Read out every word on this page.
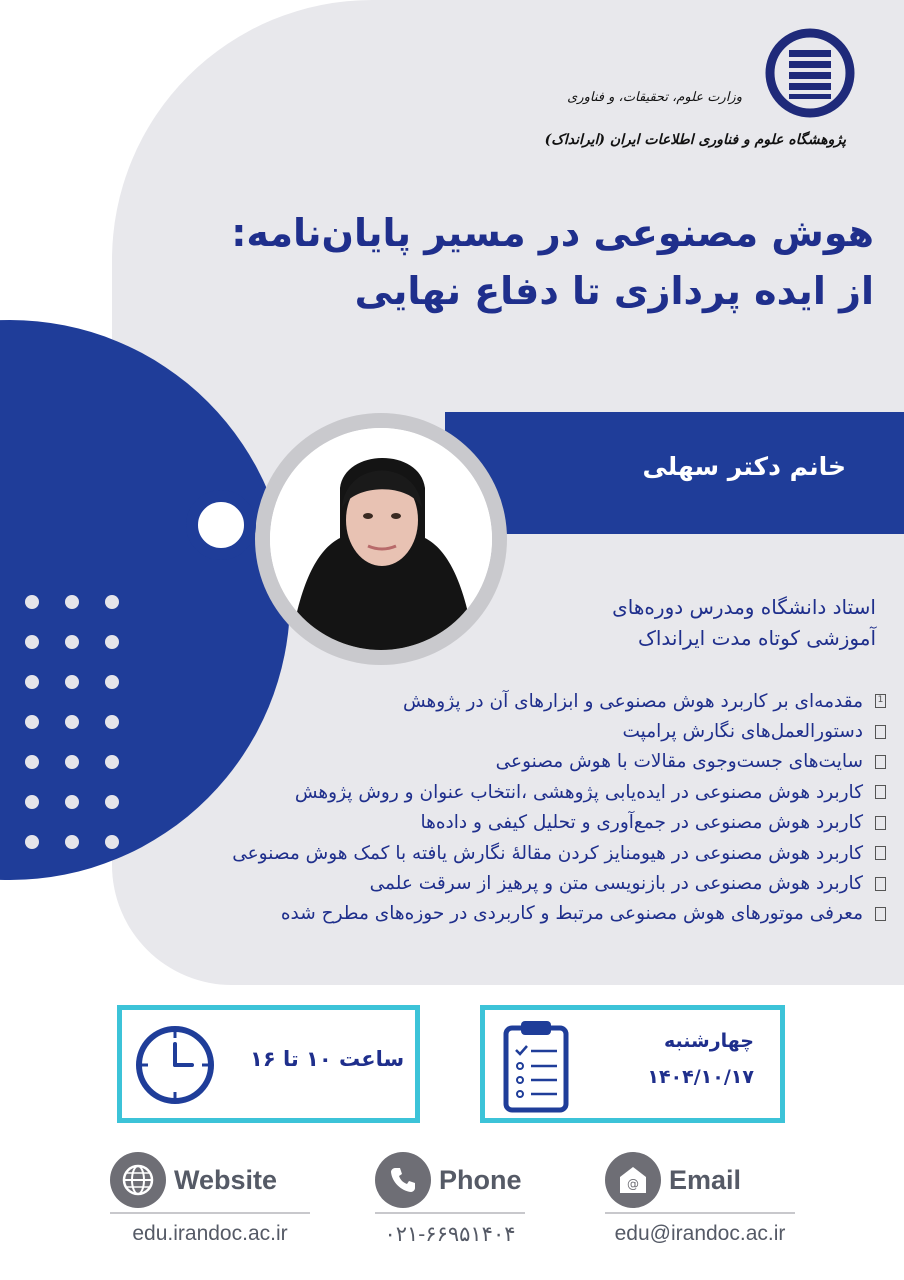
وزارت علوم، تحقیقات، و فناوری
پژوهشگاه علوم و فناوری اطلاعات ایران (ایرانداک)
هوش مصنوعی در مسیر پایان‌نامه:
از ایده پردازی تا دفاع نهایی
خانم دکتر سهلی
استاد دانشگاه ومدرس دوره‌های
آموزشی کوتاه مدت ایرانداک
1
مقدمه‌ای بر کاربرد هوش مصنوعی و ابزارهای آن در پژوهش
دستورالعمل‌های نگارش پرامپت
سایت‌های جست‌وجوی مقالات با هوش مصنوعی
کاربرد هوش مصنوعی در ایده‌یابی پژوهشی ،انتخاب عنوان و روش پژوهش
کاربرد هوش مصنوعی در جمع‌آوری و تحلیل کیفی و داده‌ها
کاربرد هوش مصنوعی در هیومنایز کردن مقالهٔ نگارش یافته با کمک هوش مصنوعی
کاربرد هوش مصنوعی در بازنویسی متن و پرهیز از سرقت علمی
معرفی موتورهای هوش مصنوعی مرتبط و کاربردی در حوزه‌های مطرح شده
ساعت ۱۰ تا ۱۶
چهارشنبه
۱۴۰۴/۱۰/۱۷
Website
edu.irandoc.ac.ir
Phone
۰۲۱-۶۶۹۵۱۴۰۴
@ Email
edu@irandoc.ac.ir
